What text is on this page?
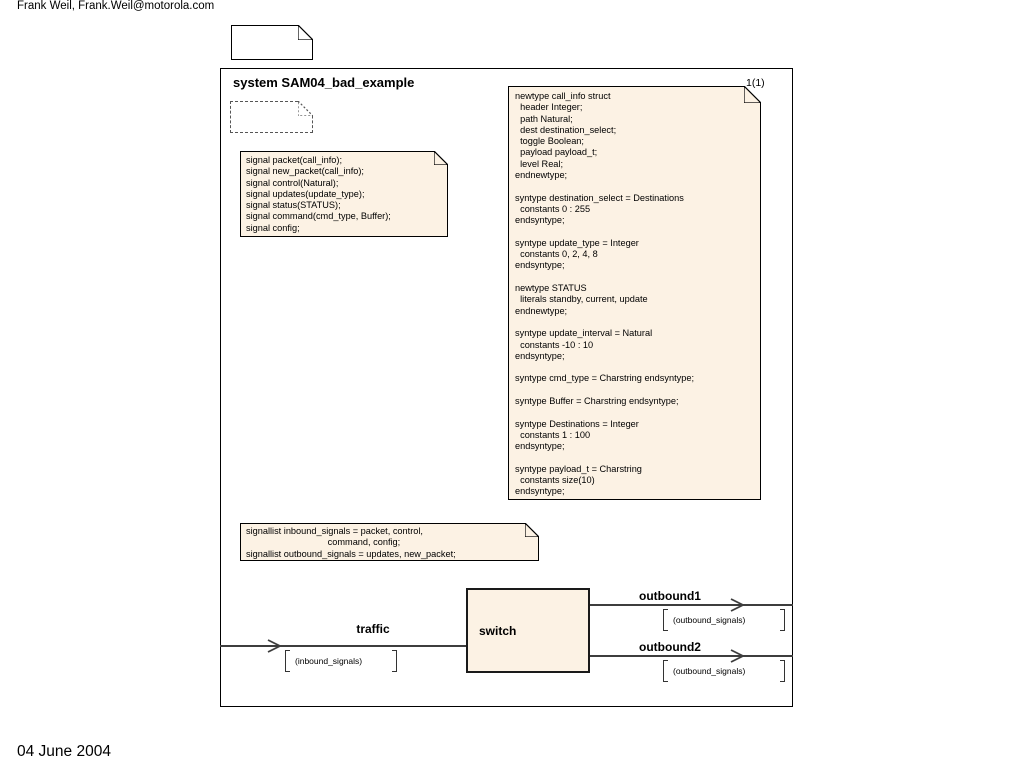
Frank Weil, Frank.Weil@motorola.com
system SAM04_bad_example	1(1)
signal packet(call_info);
signal new_packet(call_info);
signal control(Natural);
signal updates(update_type);
signal status(STATUS);
signal command(cmd_type, Buffer);
signal config;
newtype call_info struct
header Integer;
path Natural;
dest destination_select;
toggle Boolean;
payload payload_t;
level Real;
endnewtype;

syntype destination_select = Destinations
constants 0 : 255
endsyntype;

syntype update_type = Integer
constants 0, 2, 4, 8
endsyntype;

newtype STATUS
literals standby, current, update
endnewtype;

syntype update_interval = Natural
constants -10 : 10
endsyntype;

syntype cmd_type = Charstring endsyntype;

syntype Buffer = Charstring endsyntype;

syntype Destinations = Integer
constants 1 : 100
endsyntype;

syntype payload_t = Charstring
constants size(10)
endsyntype;
signallist inbound_signals = packet, control,
command, config;
signallist outbound_signals = updates, new_packet;
switch
traffic
(inbound_signals)
outbound1
(outbound_signals)
outbound2
(outbound_signals)
04 June 2004
